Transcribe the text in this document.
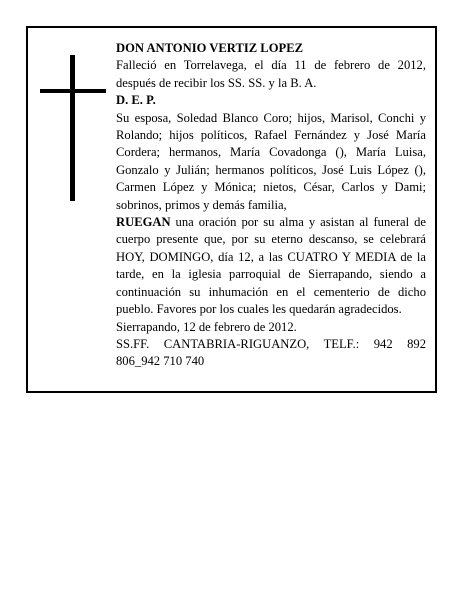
DON ANTONIO VERTIZ LOPEZ

Falleció en Torrelavega, el día 11 de febrero de 2012, después de recibir los SS. SS. y la B. A.

D. E. P.

Su esposa, Soledad Blanco Coro; hijos, Marisol, Conchi y Rolando; hijos políticos, Rafael Fernández y José María Cordera; hermanos, María Covadonga (), María Luisa, Gonzalo y Julián; hermanos políticos, José Luis López (), Carmen López y Mónica; nietos, César, Carlos y Dami; sobrinos, primos y demás familia,

RUEGAN una oración por su alma y asistan al funeral de cuerpo presente que, por su eterno descanso, se celebrará HOY, DOMINGO, día 12, a las CUATRO Y MEDIA de la tarde, en la iglesia parroquial de Sierrapando, siendo a continuación su inhumación en el cementerio de dicho pueblo. Favores por los cuales les quedarán agradecidos.

Sierrapando, 12 de febrero de 2012.

SS.FF. CANTABRIA-RIGUANZO, TELF.: 942 892 806_942 710 740
